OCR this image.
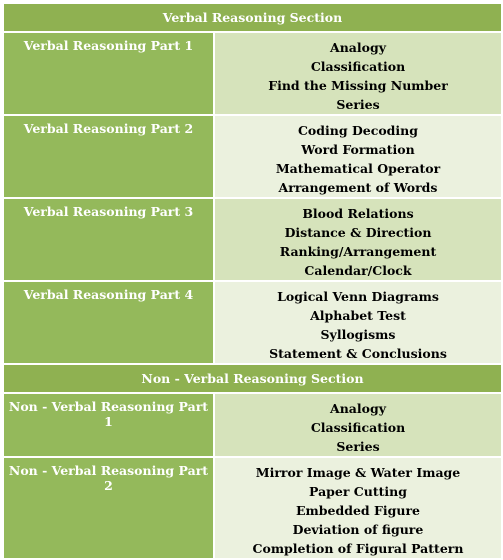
Verbal Reasoning Section	
Verbal Reasoning Part 1	Analogy
Classification
Find the Missing Number
Series

Verbal Reasoning Part 2	Coding Decoding
Word Formation
Mathematical Operator
Arrangement of Words

Verbal Reasoning Part 3	Blood Relations
Distance & Direction
Ranking/Arrangement
Calendar/Clock

Verbal Reasoning Part 4	Logical Venn Diagrams
Alphabet Test
Syllogisms
Statement & Conclusions

Non - Verbal Reasoning Section	
Non - Verbal Reasoning Part 1	Analogy
Classification
Series

Non - Verbal Reasoning Part 2	Mirror Image & Water Image
Paper Cutting
Embedded Figure
Deviation of figure
Completion of Figural Pattern
